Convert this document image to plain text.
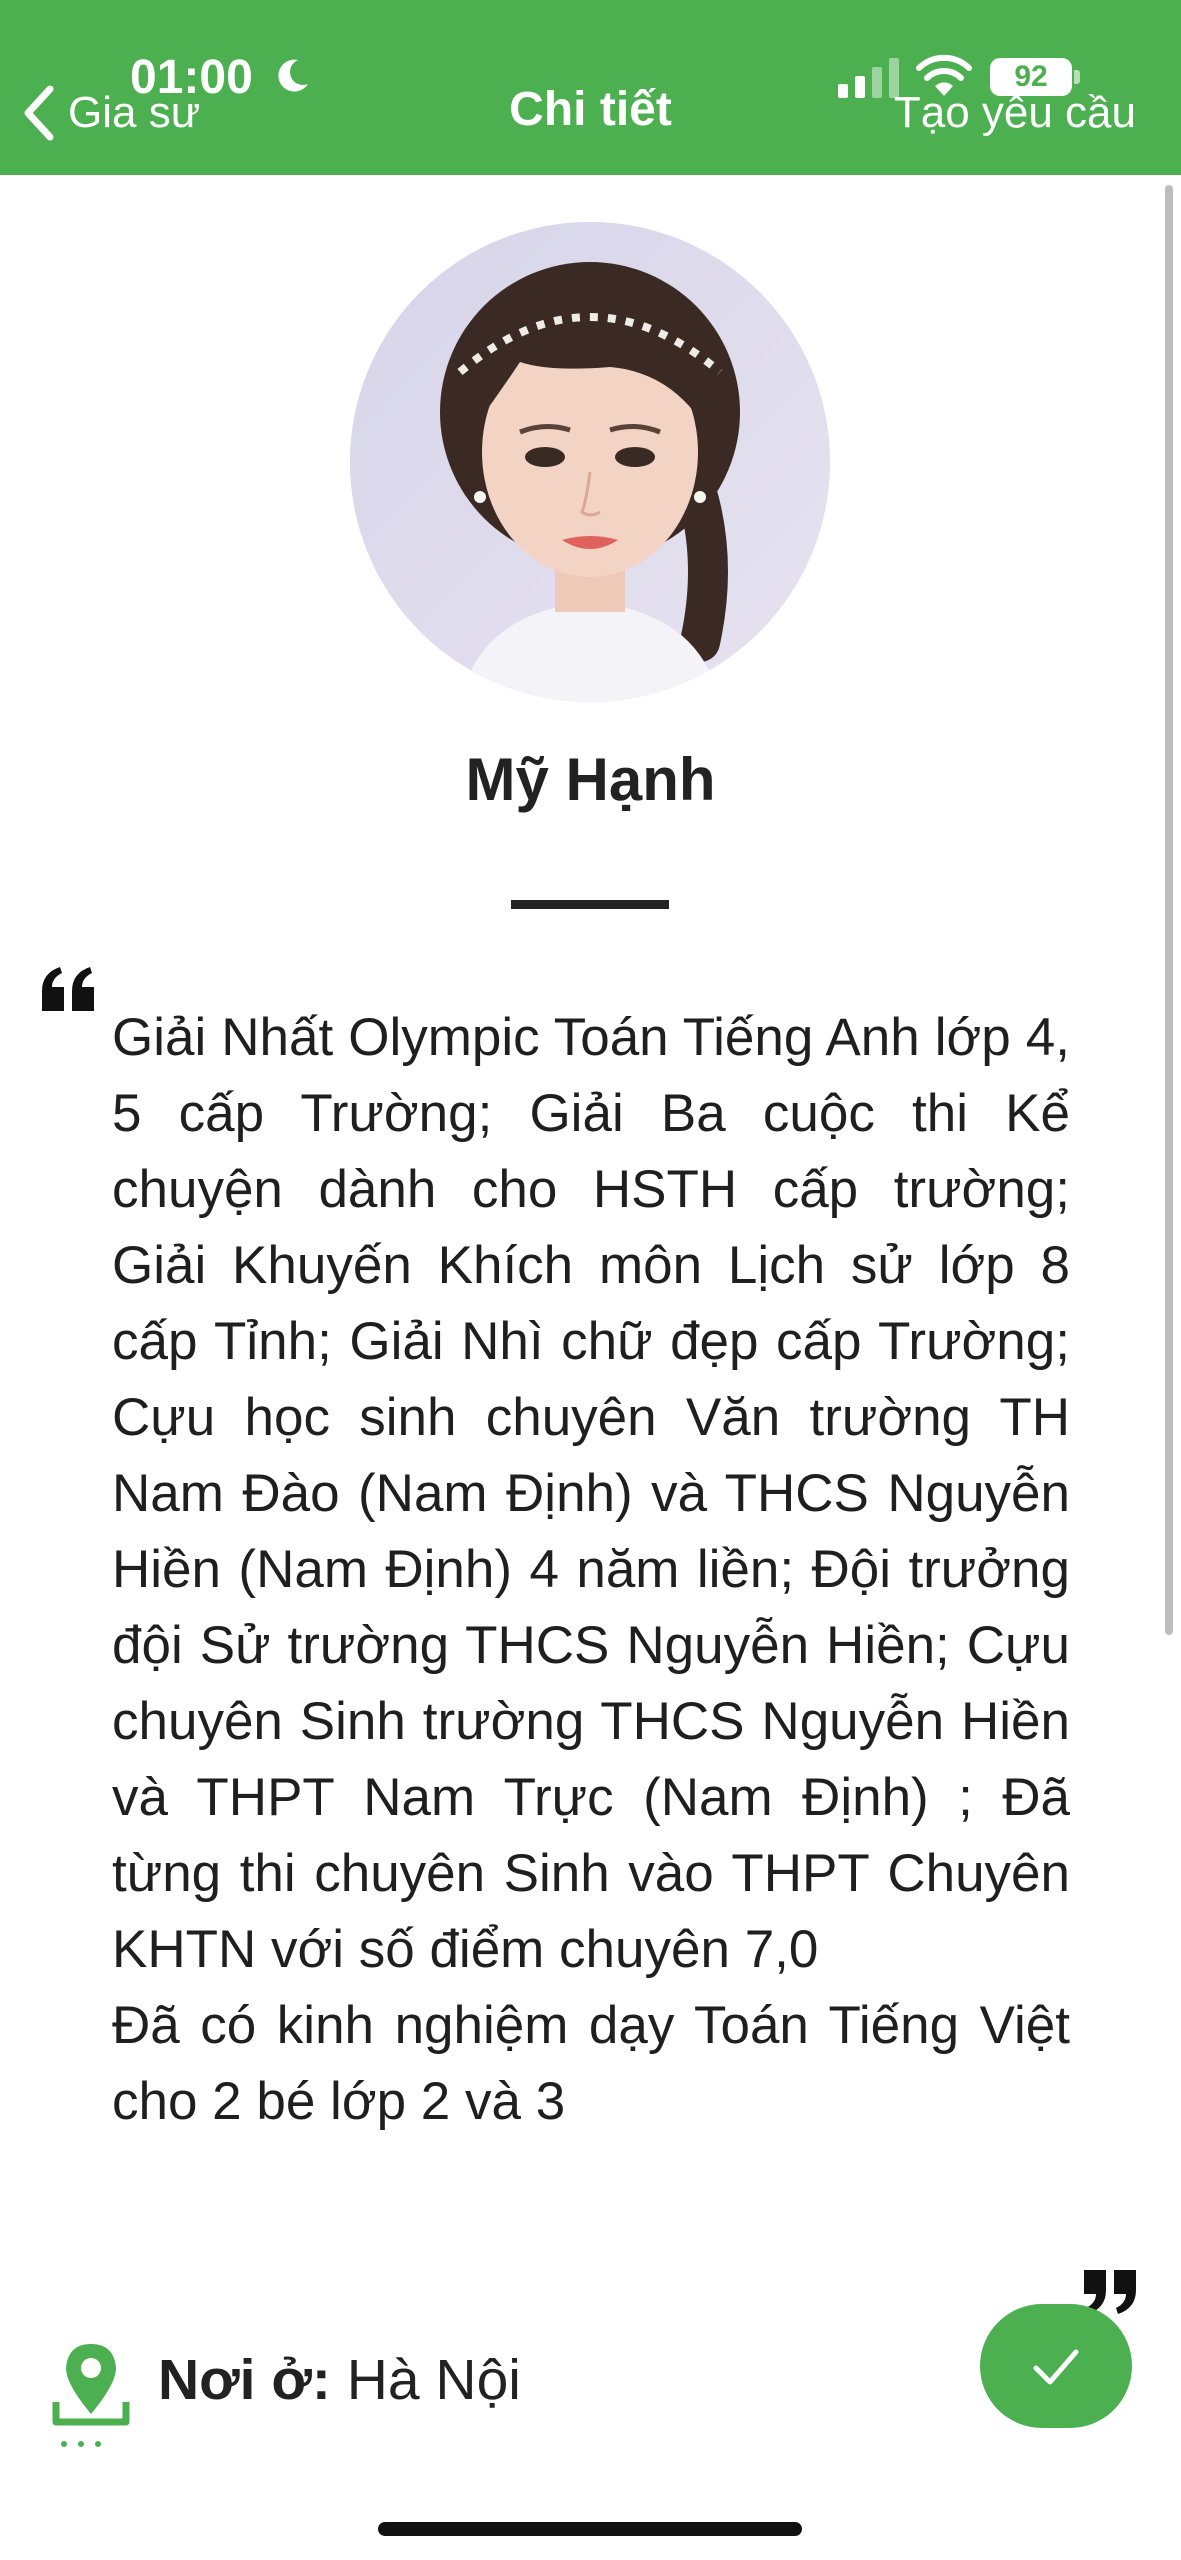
01:00	92
Gia sư	Chi tiết	Tạo yêu cầu
Mỹ Hạnh

Giải Nhất Olympic Toán Tiếng Anh lớp 4, 5 cấp Trường; Giải Ba cuộc thi Kể chuyện dành cho HSTH cấp trường; Giải Khuyến Khích môn Lịch sử lớp 8 cấp Tỉnh; Giải Nhì chữ đẹp cấp Trường; Cựu học sinh chuyên Văn trường TH Nam Đào (Nam Định) và THCS Nguyễn Hiền (Nam Định) 4 năm liền; Đội trưởng đội Sử trường THCS Nguyễn Hiền; Cựu chuyên Sinh trường THCS Nguyễn Hiền và THPT Nam Trực (Nam Định) ; Đã từng thi chuyên Sinh vào THPT Chuyên KHTN với số điểm chuyên 7,0

Đã có kinh nghiệm dạy Toán Tiếng Việt cho 2 bé lớp 2 và 3

Nơi ở: Hà Nội
